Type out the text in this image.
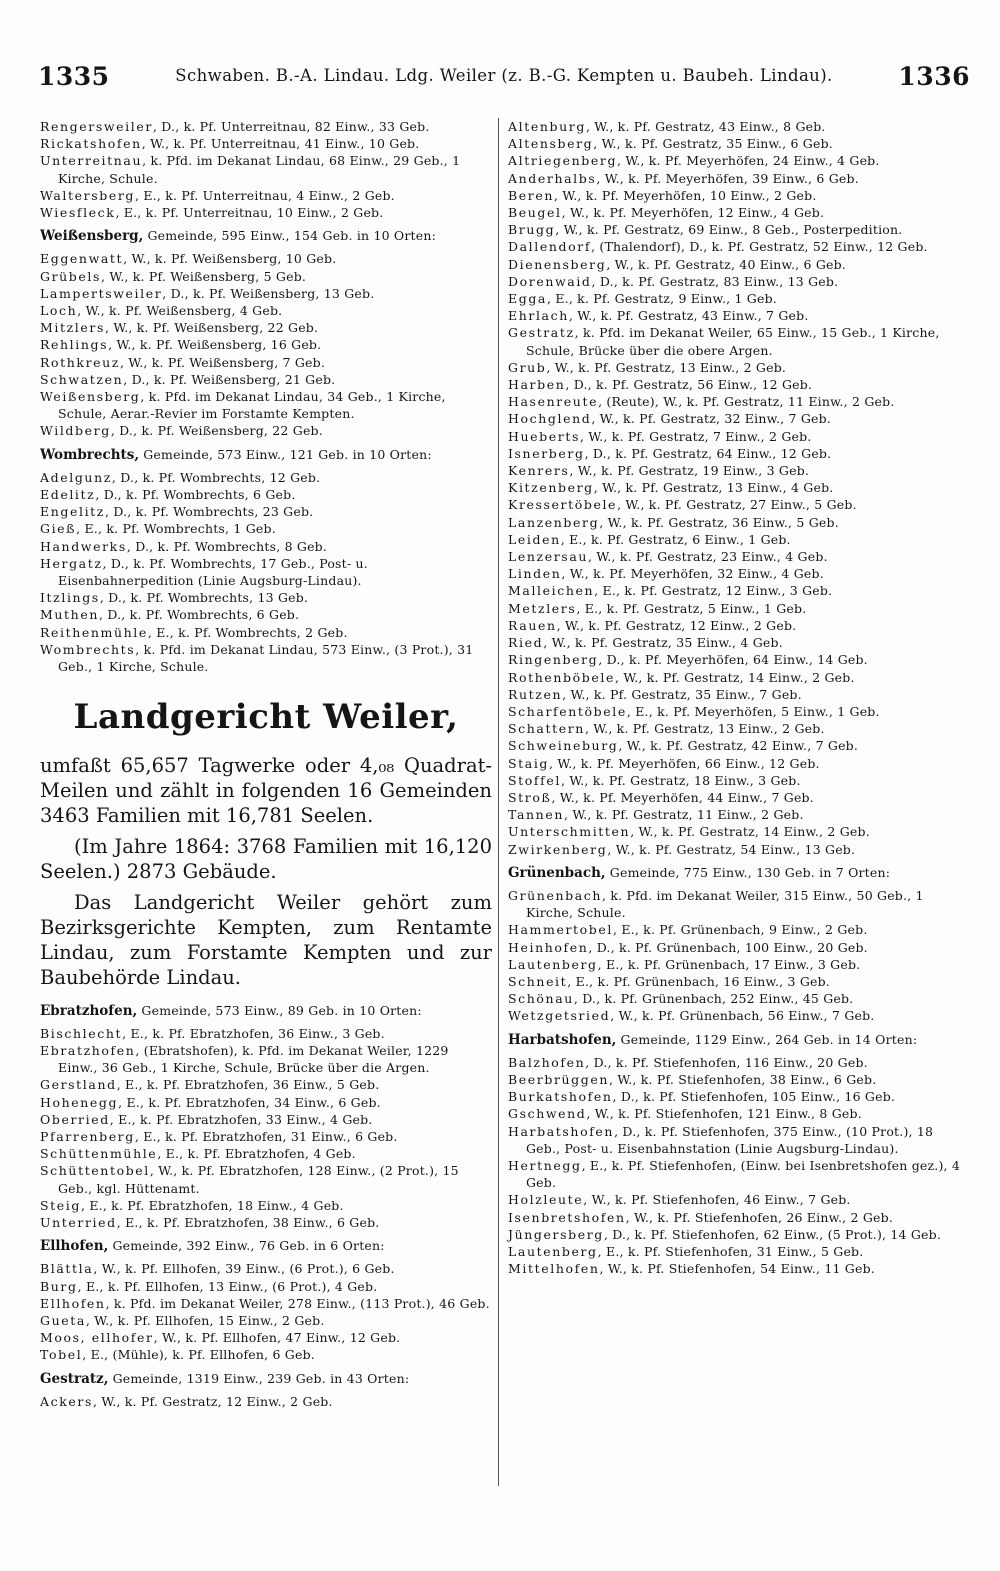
1335	Schwaben. B.-A. Lindau. Ldg. Weiler (z. B.-G. Kempten u. Baubeh. Lindau).	1336

Rengersweiler, D., k. Pf. Unterreitnau, 82 Einw., 33 Geb.

Rickatshofen, W., k. Pf. Unterreitnau, 41 Einw., 10 Geb.

Unterreitnau, k. Pfd. im Dekanat Lindau, 68 Einw., 29 Geb., 1 Kirche, Schule.

Waltersberg, E., k. Pf. Unterreitnau, 4 Einw., 2 Geb.

Wiesfleck, E., k. Pf. Unterreitnau, 10 Einw., 2 Geb.

Weißensberg, Gemeinde, 595 Einw., 154 Geb. in 10 Orten:

Eggenwatt, W., k. Pf. Weißensberg, 10 Geb.

Grübels, W., k. Pf. Weißensberg, 5 Geb.

Lampertsweiler, D., k. Pf. Weißensberg, 13 Geb.

Loch, W., k. Pf. Weißensberg, 4 Geb.

Mitzlers, W., k. Pf. Weißensberg, 22 Geb.

Rehlings, W., k. Pf. Weißensberg, 16 Geb.

Rothkreuz, W., k. Pf. Weißensberg, 7 Geb.

Schwatzen, D., k. Pf. Weißensberg, 21 Geb.

Weißensberg, k. Pfd. im Dekanat Lindau, 34 Geb., 1 Kirche, Schule, Aerar.-Revier im Forstamte Kempten.

Wildberg, D., k. Pf. Weißensberg, 22 Geb.

Wombrechts, Gemeinde, 573 Einw., 121 Geb. in 10 Orten:

Adelgunz, D., k. Pf. Wombrechts, 12 Geb.

Edelitz, D., k. Pf. Wombrechts, 6 Geb.

Engelitz, D., k. Pf. Wombrechts, 23 Geb.

Gieß, E., k. Pf. Wombrechts, 1 Geb.

Handwerks, D., k. Pf. Wombrechts, 8 Geb.

Hergatz, D., k. Pf. Wombrechts, 17 Geb., Post- u. Eisenbahnerpedition (Linie Augsburg-Lindau).

Itzlings, D., k. Pf. Wombrechts, 13 Geb.

Muthen, D., k. Pf. Wombrechts, 6 Geb.

Reithenmühle, E., k. Pf. Wombrechts, 2 Geb.

Wombrechts, k. Pfd. im Dekanat Lindau, 573 Einw., (3 Prot.), 31 Geb., 1 Kirche, Schule.

Landgericht Weiler,

umfaßt 65,657 Tagwerke oder 4,₀₈ Quadrat-Meilen und zählt in folgenden 16 Gemeinden 3463 Familien mit 16,781 Seelen.

(Im Jahre 1864: 3768 Familien mit 16,120 Seelen.) 2873 Gebäude.

Das Landgericht Weiler gehört zum Bezirksgerichte Kempten, zum Rentamte Lindau, zum Forstamte Kempten und zur Baubehörde Lindau.

Ebratzhofen, Gemeinde, 573 Einw., 89 Geb. in 10 Orten:

Bischlecht, E., k. Pf. Ebratzhofen, 36 Einw., 3 Geb.

Ebratzhofen, (Ebratshofen), k. Pfd. im Dekanat Weiler, 1229 Einw., 36 Geb., 1 Kirche, Schule, Brücke über die Argen.

Gerstland, E., k. Pf. Ebratzhofen, 36 Einw., 5 Geb.

Hohenegg, E., k. Pf. Ebratzhofen, 34 Einw., 6 Geb.

Oberried, E., k. Pf. Ebratzhofen, 33 Einw., 4 Geb.

Pfarrenberg, E., k. Pf. Ebratzhofen, 31 Einw., 6 Geb.

Schüttenmühle, E., k. Pf. Ebratzhofen, 4 Geb.

Schüttentobel, W., k. Pf. Ebratzhofen, 128 Einw., (2 Prot.), 15 Geb., kgl. Hüttenamt.

Steig, E., k. Pf. Ebratzhofen, 18 Einw., 4 Geb.

Unterried, E., k. Pf. Ebratzhofen, 38 Einw., 6 Geb.

Ellhofen, Gemeinde, 392 Einw., 76 Geb. in 6 Orten:

Blättla, W., k. Pf. Ellhofen, 39 Einw., (6 Prot.), 6 Geb.

Burg, E., k. Pf. Ellhofen, 13 Einw., (6 Prot.), 4 Geb.

Ellhofen, k. Pfd. im Dekanat Weiler, 278 Einw., (113 Prot.), 46 Geb.

Gueta, W., k. Pf. Ellhofen, 15 Einw., 2 Geb.

Moos, ellhofer, W., k. Pf. Ellhofen, 47 Einw., 12 Geb.

Tobel, E., (Mühle), k. Pf. Ellhofen, 6 Geb.

Gestratz, Gemeinde, 1319 Einw., 239 Geb. in 43 Orten:

Ackers, W., k. Pf. Gestratz, 12 Einw., 2 Geb.

Altenburg, W., k. Pf. Gestratz, 43 Einw., 8 Geb.

Altensberg, W., k. Pf. Gestratz, 35 Einw., 6 Geb.

Altriegenberg, W., k. Pf. Meyerhöfen, 24 Einw., 4 Geb.

Anderhalbs, W., k. Pf. Meyerhöfen, 39 Einw., 6 Geb.

Beren, W., k. Pf. Meyerhöfen, 10 Einw., 2 Geb.

Beugel, W., k. Pf. Meyerhöfen, 12 Einw., 4 Geb.

Brugg, W., k. Pf. Gestratz, 69 Einw., 8 Geb., Posterpedition.

Dallendorf, (Thalendorf), D., k. Pf. Gestratz, 52 Einw., 12 Geb.

Dienensberg, W., k. Pf. Gestratz, 40 Einw., 6 Geb.

Dorenwaid, D., k. Pf. Gestratz, 83 Einw., 13 Geb.

Egga, E., k. Pf. Gestratz, 9 Einw., 1 Geb.

Ehrlach, W., k. Pf. Gestratz, 43 Einw., 7 Geb.

Gestratz, k. Pfd. im Dekanat Weiler, 65 Einw., 15 Geb., 1 Kirche, Schule, Brücke über die obere Argen.

Grub, W., k. Pf. Gestratz, 13 Einw., 2 Geb.

Harben, D., k. Pf. Gestratz, 56 Einw., 12 Geb.

Hasenreute, (Reute), W., k. Pf. Gestratz, 11 Einw., 2 Geb.

Hochglend, W., k. Pf. Gestratz, 32 Einw., 7 Geb.

Hueberts, W., k. Pf. Gestratz, 7 Einw., 2 Geb.

Isnerberg, D., k. Pf. Gestratz, 64 Einw., 12 Geb.

Kenrers, W., k. Pf. Gestratz, 19 Einw., 3 Geb.

Kitzenberg, W., k. Pf. Gestratz, 13 Einw., 4 Geb.

Kressertöbele, W., k. Pf. Gestratz, 27 Einw., 5 Geb.

Lanzenberg, W., k. Pf. Gestratz, 36 Einw., 5 Geb.

Leiden, E., k. Pf. Gestratz, 6 Einw., 1 Geb.

Lenzersau, W., k. Pf. Gestratz, 23 Einw., 4 Geb.

Linden, W., k. Pf. Meyerhöfen, 32 Einw., 4 Geb.

Malleichen, E., k. Pf. Gestratz, 12 Einw., 3 Geb.

Metzlers, E., k. Pf. Gestratz, 5 Einw., 1 Geb.

Rauen, W., k. Pf. Gestratz, 12 Einw., 2 Geb.

Ried, W., k. Pf. Gestratz, 35 Einw., 4 Geb.

Ringenberg, D., k. Pf. Meyerhöfen, 64 Einw., 14 Geb.

Rothenböbele, W., k. Pf. Gestratz, 14 Einw., 2 Geb.

Rutzen, W., k. Pf. Gestratz, 35 Einw., 7 Geb.

Scharfentöbele, E., k. Pf. Meyerhöfen, 5 Einw., 1 Geb.

Schattern, W., k. Pf. Gestratz, 13 Einw., 2 Geb.

Schweineburg, W., k. Pf. Gestratz, 42 Einw., 7 Geb.

Staig, W., k. Pf. Meyerhöfen, 66 Einw., 12 Geb.

Stoffel, W., k. Pf. Gestratz, 18 Einw., 3 Geb.

Stroß, W., k. Pf. Meyerhöfen, 44 Einw., 7 Geb.

Tannen, W., k. Pf. Gestratz, 11 Einw., 2 Geb.

Unterschmitten, W., k. Pf. Gestratz, 14 Einw., 2 Geb.

Zwirkenberg, W., k. Pf. Gestratz, 54 Einw., 13 Geb.

Grünenbach, Gemeinde, 775 Einw., 130 Geb. in 7 Orten:

Grünenbach, k. Pfd. im Dekanat Weiler, 315 Einw., 50 Geb., 1 Kirche, Schule.

Hammertobel, E., k. Pf. Grünenbach, 9 Einw., 2 Geb.

Heinhofen, D., k. Pf. Grünenbach, 100 Einw., 20 Geb.

Lautenberg, E., k. Pf. Grünenbach, 17 Einw., 3 Geb.

Schneit, E., k. Pf. Grünenbach, 16 Einw., 3 Geb.

Schönau, D., k. Pf. Grünenbach, 252 Einw., 45 Geb.

Wetzgetsried, W., k. Pf. Grünenbach, 56 Einw., 7 Geb.

Harbatshofen, Gemeinde, 1129 Einw., 264 Geb. in 14 Orten:

Balzhofen, D., k. Pf. Stiefenhofen, 116 Einw., 20 Geb.

Beerbrüggen, W., k. Pf. Stiefenhofen, 38 Einw., 6 Geb.

Burkatshofen, D., k. Pf. Stiefenhofen, 105 Einw., 16 Geb.

Gschwend, W., k. Pf. Stiefenhofen, 121 Einw., 8 Geb.

Harbatshofen, D., k. Pf. Stiefenhofen, 375 Einw., (10 Prot.), 18 Geb., Post- u. Eisenbahnstation (Linie Augsburg-Lindau).

Hertnegg, E., k. Pf. Stiefenhofen, (Einw. bei Isenbretshofen gez.), 4 Geb.

Holzleute, W., k. Pf. Stiefenhofen, 46 Einw., 7 Geb.

Isenbretshofen, W., k. Pf. Stiefenhofen, 26 Einw., 2 Geb.

Jüngersberg, D., k. Pf. Stiefenhofen, 62 Einw., (5 Prot.), 14 Geb.

Lautenberg, E., k. Pf. Stiefenhofen, 31 Einw., 5 Geb.

Mittelhofen, W., k. Pf. Stiefenhofen, 54 Einw., 11 Geb.
